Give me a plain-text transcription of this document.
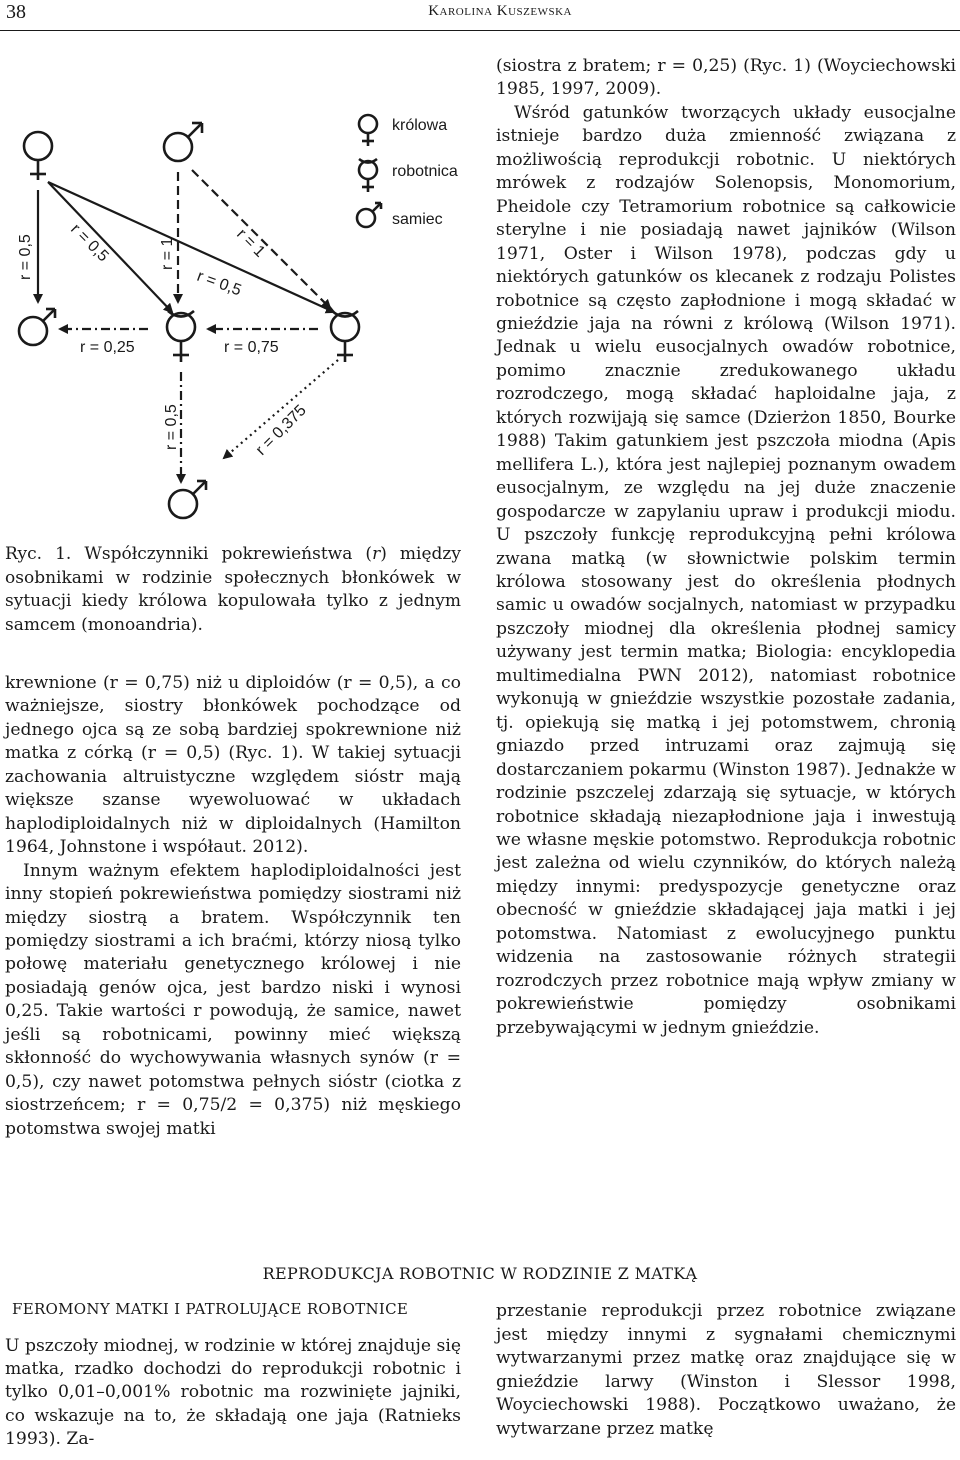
38	Karolina Kuszewska
r = 0,5 r = 0,5	r = 1	r = 1
r = 0,5
r = 0,25	r = 0,75
r = 0,5	r = 0,375
królowa
robotnica
samiec
Ryc. 1. Współczynniki pokrewieństwa (r) między osobnikami w rodzinie społecznych błonkówek w sytuacji kiedy królowa kopulowała tylko z jednym samcem (monoandria).

krewnione (r = 0,75) niż u diploidów (r = 0,5), a co ważniejsze, siostry błonkówek pochodzące od jednego ojca są ze sobą bardziej spokrewnione niż matka z córką (r = 0,5) (Ryc. 1). W takiej sytuacji zachowania altruistyczne względem sióstr mają większe szanse wyewoluować w układach haplodiploidalnych niż w diploidalnych (Hamilton 1964, Johnstone i współaut. 2012).

Innym ważnym efektem haplodiploidalności jest inny stopień pokrewieństwa pomiędzy siostrami niż między siostrą a bratem. Współczynnik ten pomiędzy siostrami a ich braćmi, którzy niosą tylko połowę materiału genetycznego królowej i nie posiadają genów ojca, jest bardzo niski i wynosi 0,25. Takie wartości r powodują, że samice, nawet jeśli są robotnicami, powinny mieć większą skłonność do wychowywania własnych synów (r = 0,5), czy nawet potomstwa pełnych sióstr (ciotka z siostrzeńcem; r = 0,75/2 = 0,375) niż męskiego potomstwa swojej matki

(siostra z bratem; r = 0,25) (Ryc. 1) (Woyciechowski 1985, 1997, 2009).

Wśród gatunków tworzących układy eusocjalne istnieje bardzo duża zmienność związana z możliwością reprodukcji robotnic. U niektórych mrówek z rodzajów Solenopsis, Monomorium, Pheidole czy Tetramorium robotnice są całkowicie sterylne i nie posiadają nawet jajników (Wilson 1971, Oster i Wilson 1978), podczas gdy u niektórych gatunków os klecanek z rodzaju Polistes robotnice są często zapłodnione i mogą składać w gnieździe jaja na równi z królową (Wilson 1971). Jednak u wielu eusocjalnych owadów robotnice, pomimo znacznie zredukowanego układu rozrodczego, mogą składać haploidalne jaja, z których rozwijają się samce (Dzierżon 1850, Bourke 1988) Takim gatunkiem jest pszczoła miodna (Apis mellifera L.), która jest najlepiej poznanym owadem eusocjalnym, ze względu na jej duże znaczenie gospodarcze w zapylaniu upraw i produkcji miodu. U pszczoły funkcję reprodukcyjną pełni królowa zwana matką (w słownictwie polskim termin królowa stosowany jest do określenia płodnych samic u owadów socjalnych, natomiast w przypadku pszczoły miodnej dla określenia płodnej samicy używany jest termin matka; Biologia: encyklopedia multimedialna PWN 2012), natomiast robotnice wykonują w gnieździe wszystkie pozostałe zadania, tj. opiekują się matką i jej potomstwem, chronią gniazdo przed intruzami oraz zajmują się dostarczaniem pokarmu (Winston 1987). Jednakże w rodzinie pszczelej zdarzają się sytuacje, w których robotnice składają niezapłodnione jaja i inwestują we własne męskie potomstwo. Reprodukcja robotnic jest zależna od wielu czynników, do których należą między innymi: predyspozycje genetyczne oraz obecność w gnieździe składającej jaja matki i jej potomstwa. Natomiast z ewolucyjnego punktu widzenia na zastosowanie różnych strategii rozrodczych przez robotnice mają wpływ zmiany w pokrewieństwie pomiędzy osobnikami przebywającymi w jednym gnieździe.

REPRODUKCJA ROBOTNIC W RODZINIE Z MATKĄ
FEROMONY MATKI I PATROLUJĄCE ROBOTNICE
U pszczoły miodnej, w rodzinie w której znajduje się matka, rzadko dochodzi do reprodukcji robotnic i tylko 0,01–0,001% robotnic ma rozwinięte jajniki, co wskazuje na to, że składają one jaja (Ratnieks 1993). Za-
przestanie reprodukcji przez robotnice związane jest między innymi z sygnałami chemicznymi wytwarzanymi przez matkę oraz znajdujące się w gnieździe larwy (Winston i Slessor 1998, Woyciechowski 1988). Początkowo uważano, że wytwarzane przez matkę
